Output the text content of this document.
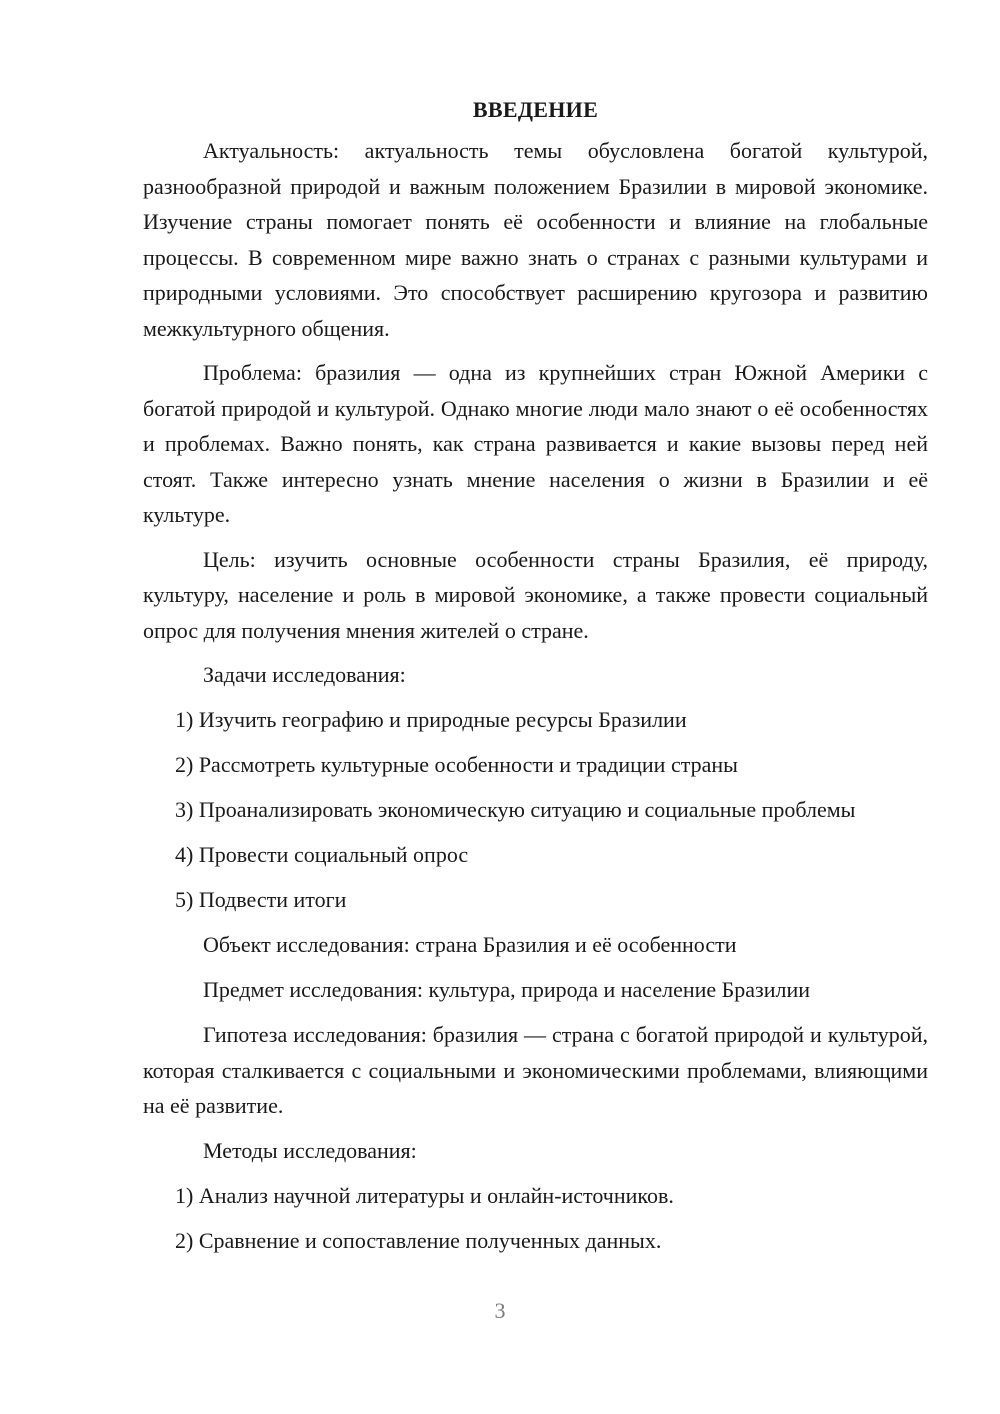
ВВЕДЕНИЕ

Актуальность: актуальность темы обусловлена богатой культурой, разнообразной природой и важным положением Бразилии в мировой экономике. Изучение страны помогает понять её особенности и влияние на глобальные процессы. В современном мире важно знать о странах с разными культурами и природными условиями. Это способствует расширению кругозора и развитию межкультурного общения.

Проблема: бразилия — одна из крупнейших стран Южной Америки с богатой природой и культурой. Однако многие люди мало знают о её особенностях и проблемах. Важно понять, как страна развивается и какие вызовы перед ней стоят. Также интересно узнать мнение населения о жизни в Бразилии и её культуре.

Цель: изучить основные особенности страны Бразилия, её природу, культуру, население и роль в мировой экономике, а также провести социальный опрос для получения мнения жителей о стране.

Задачи исследования:
1) Изучить географию и природные ресурсы Бразилии
2) Рассмотреть культурные особенности и традиции страны
3) Проанализировать экономическую ситуацию и социальные проблемы
4) Провести социальный опрос
5) Подвести итоги
Объект исследования: страна Бразилия и её особенности
Предмет исследования: культура, природа и население Бразилии

Гипотеза исследования: бразилия — страна с богатой природой и культурой, которая сталкивается с социальными и экономическими проблемами, влияющими на её развитие.

Методы исследования:
1) Анализ научной литературы и онлайн-источников.
2) Сравнение и сопоставление полученных данных.
3
